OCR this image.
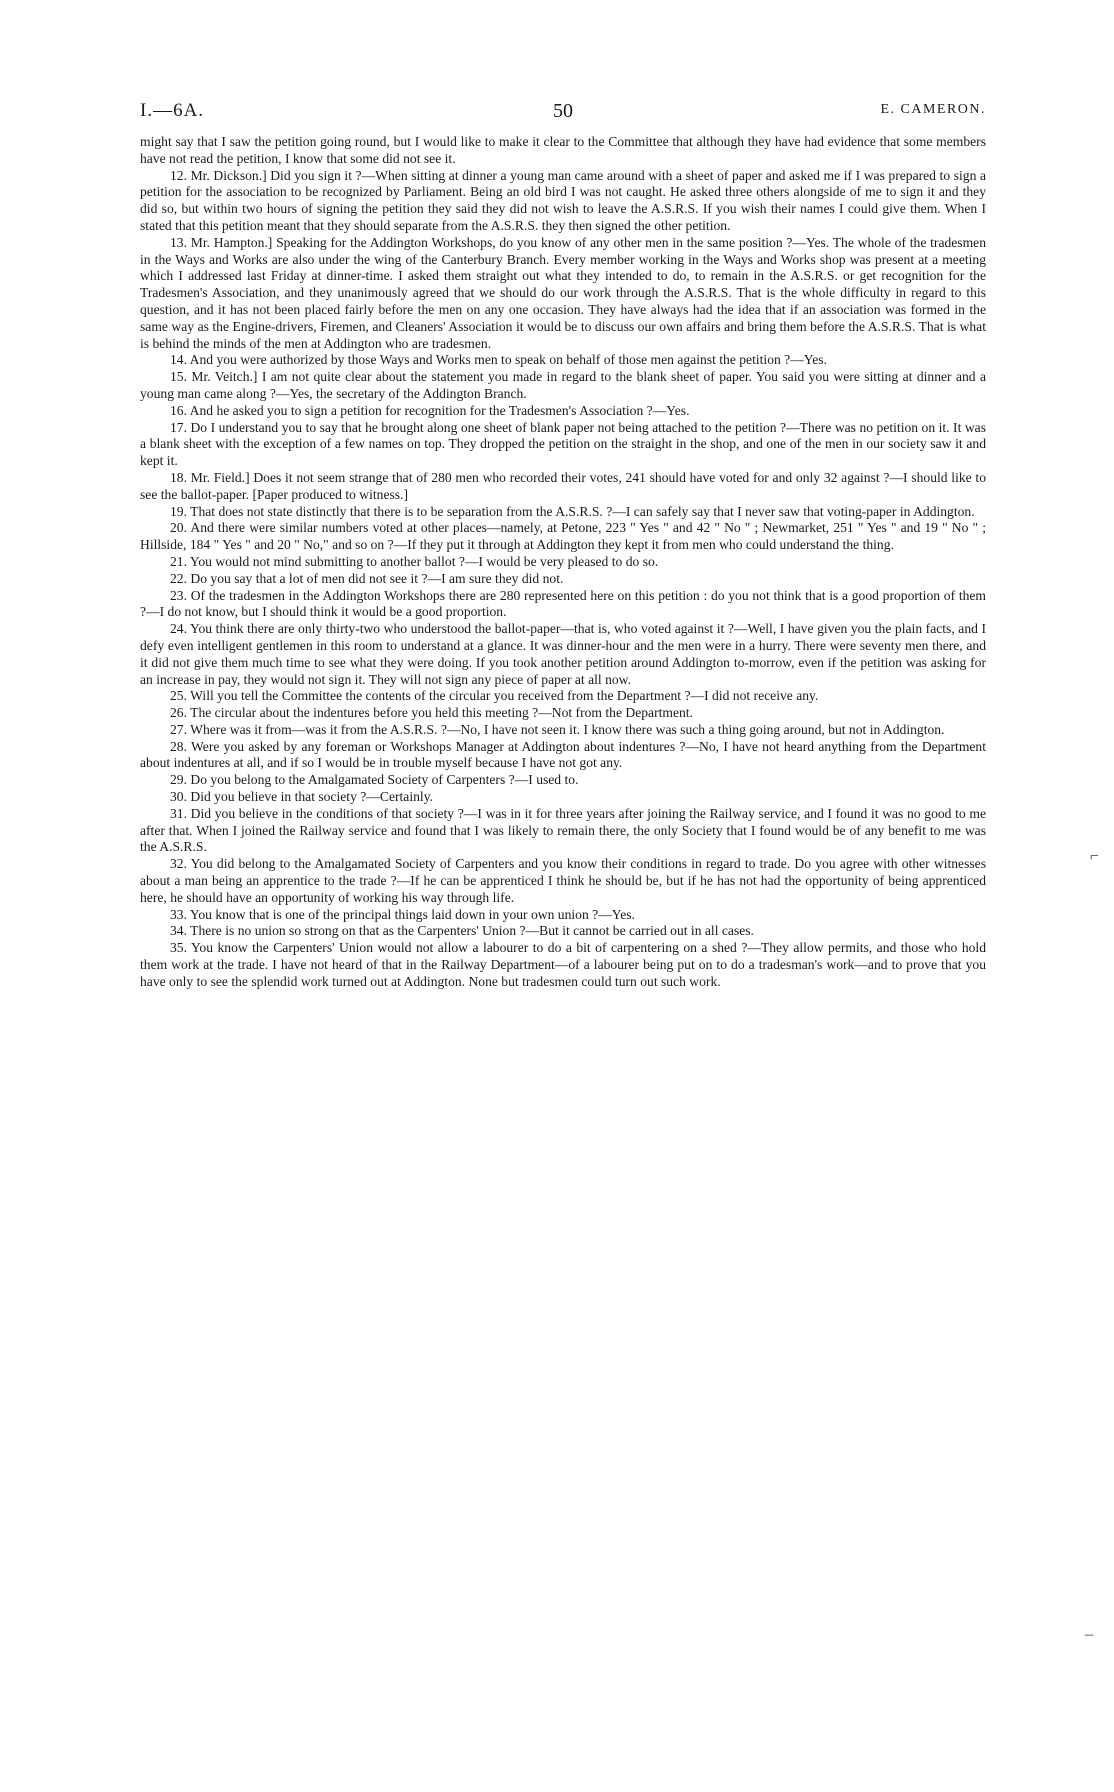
I.—6A.	50	E. CAMERON.

might say that I saw the petition going round, but I would like to make it clear to the Committee that although they have had evidence that some members have not read the petition, I know that some did not see it.

12. Mr. Dickson.] Did you sign it ?—When sitting at dinner a young man came around with a sheet of paper and asked me if I was prepared to sign a petition for the association to be recognized by Parliament. Being an old bird I was not caught. He asked three others alongside of me to sign it and they did so, but within two hours of signing the petition they said they did not wish to leave the A.S.R.S. If you wish their names I could give them. When I stated that this petition meant that they should separate from the A.S.R.S. they then signed the other petition.

13. Mr. Hampton.] Speaking for the Addington Workshops, do you know of any other men in the same position ?—Yes. The whole of the tradesmen in the Ways and Works are also under the wing of the Canterbury Branch. Every member working in the Ways and Works shop was present at a meeting which I addressed last Friday at dinner-time. I asked them straight out what they intended to do, to remain in the A.S.R.S. or get recognition for the Tradesmen's Association, and they unanimously agreed that we should do our work through the A.S.R.S. That is the whole difficulty in regard to this question, and it has not been placed fairly before the men on any one occasion. They have always had the idea that if an association was formed in the same way as the Engine-drivers, Firemen, and Cleaners' Association it would be to discuss our own affairs and bring them before the A.S.R.S. That is what is behind the minds of the men at Addington who are tradesmen.

14. And you were authorized by those Ways and Works men to speak on behalf of those men against the petition ?—Yes.

15. Mr. Veitch.] I am not quite clear about the statement you made in regard to the blank sheet of paper. You said you were sitting at dinner and a young man came along ?—Yes, the secretary of the Addington Branch.

16. And he asked you to sign a petition for recognition for the Tradesmen's Association ?—Yes.

17. Do I understand you to say that he brought along one sheet of blank paper not being attached to the petition ?—There was no petition on it. It was a blank sheet with the exception of a few names on top. They dropped the petition on the straight in the shop, and one of the men in our society saw it and kept it.

18. Mr. Field.] Does it not seem strange that of 280 men who recorded their votes, 241 should have voted for and only 32 against ?—I should like to see the ballot-paper. [Paper produced to witness.]

19. That does not state distinctly that there is to be separation from the A.S.R.S. ?—I can safely say that I never saw that voting-paper in Addington.

20. And there were similar numbers voted at other places—namely, at Petone, 223 " Yes " and 42 " No " ; Newmarket, 251 " Yes " and 19 " No " ; Hillside, 184 " Yes " and 20 " No," and so on ?—If they put it through at Addington they kept it from men who could understand the thing.

21. You would not mind submitting to another ballot ?—I would be very pleased to do so.

22. Do you say that a lot of men did not see it ?—I am sure they did not.

23. Of the tradesmen in the Addington Workshops there are 280 represented here on this petition : do you not think that is a good proportion of them ?—I do not know, but I should think it would be a good proportion.

24. You think there are only thirty-two who understood the ballot-paper—that is, who voted against it ?—Well, I have given you the plain facts, and I defy even intelligent gentlemen in this room to understand at a glance. It was dinner-hour and the men were in a hurry. There were seventy men there, and it did not give them much time to see what they were doing. If you took another petition around Addington to-morrow, even if the petition was asking for an increase in pay, they would not sign it. They will not sign any piece of paper at all now.

25. Will you tell the Committee the contents of the circular you received from the Department ?—I did not receive any.

26. The circular about the indentures before you held this meeting ?—Not from the Department.

27. Where was it from—was it from the A.S.R.S. ?—No, I have not seen it. I know there was such a thing going around, but not in Addington.

28. Were you asked by any foreman or Workshops Manager at Addington about indentures ?—No, I have not heard anything from the Department about indentures at all, and if so I would be in trouble myself because I have not got any.

29. Do you belong to the Amalgamated Society of Carpenters ?—I used to.

30. Did you believe in that society ?—Certainly.

31. Did you believe in the conditions of that society ?—I was in it for three years after joining the Railway service, and I found it was no good to me after that. When I joined the Railway service and found that I was likely to remain there, the only Society that I found would be of any benefit to me was the A.S.R.S.

32. You did belong to the Amalgamated Society of Carpenters and you know their conditions in regard to trade. Do you agree with other witnesses about a man being an apprentice to the trade ?—If he can be apprenticed I think he should be, but if he has not had the opportunity of being apprenticed here, he should have an opportunity of working his way through life.

33. You know that is one of the principal things laid down in your own union ?—Yes.

34. There is no union so strong on that as the Carpenters' Union ?—But it cannot be carried out in all cases.

35. You know the Carpenters' Union would not allow a labourer to do a bit of carpentering on a shed ?—They allow permits, and those who hold them work at the trade. I have not heard of that in the Railway Department—of a labourer being put on to do a tradesman's work—and to prove that you have only to see the splendid work turned out at Addington. None but tradesmen could turn out such work.

⌐
–
